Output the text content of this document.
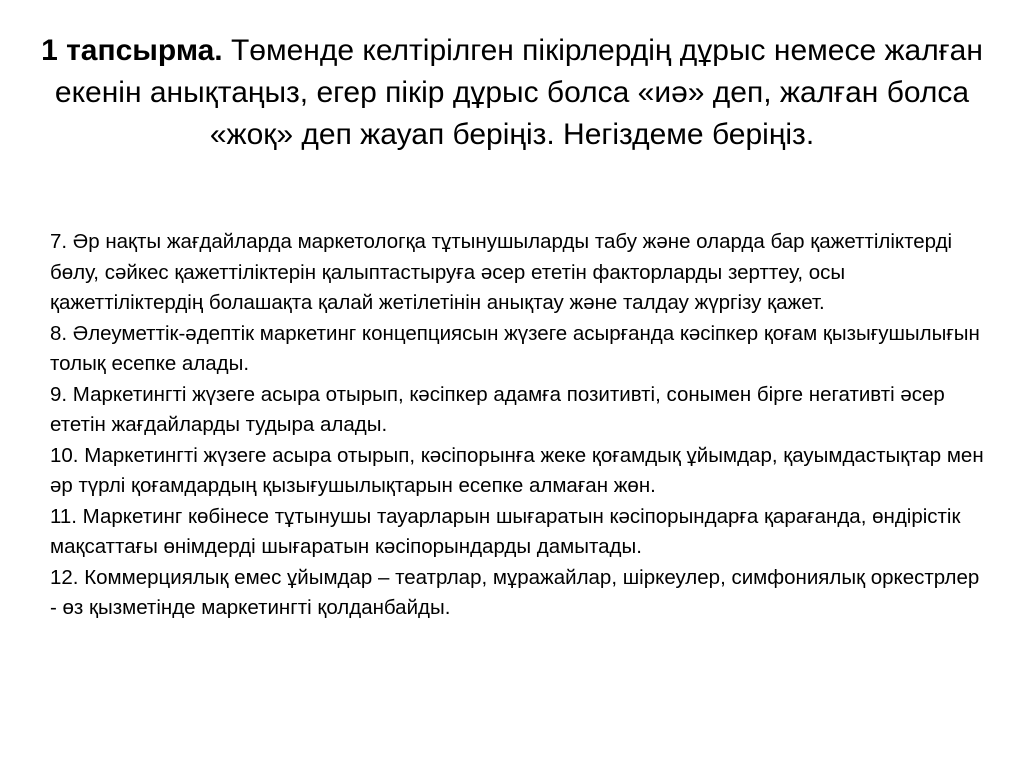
1 тапсырма. Төменде келтірілген пікірлердің дұрыс немесе жалған екенін анықтаңыз, егер пікір дұрыс болса «иә» деп, жалған болса «жоқ» деп жауап беріңіз. Негіздеме беріңіз.

7. Әр нақты жағдайларда маркетологқа тұтынушыларды табу және оларда бар қажеттіліктерді бөлу, сәйкес қажеттіліктерін қалыптастыруға әсер ететін факторларды зерттеу, осы қажеттіліктердің болашақта қалай жетілетінін анықтау және талдау жүргізу қажет.

8. Әлеуметтік-әдептік маркетинг концепциясын жүзеге асырғанда кәсіпкер қоғам қызығушылығын толық есепке алады.

9. Маркетингті жүзеге асыра отырып, кәсіпкер адамға позитивті, сонымен бірге негативті әсер ететін жағдайларды тудыра алады.

10. Маркетингті жүзеге асыра отырып, кәсіпорынға жеке қоғамдық ұйымдар, қауымдастықтар мен әр түрлі қоғамдардың қызығушылықтарын есепке алмаған жөн.

11. Маркетинг көбінесе тұтынушы тауарларын шығаратын кәсіпорындарға қарағанда, өндірістік мақсаттағы өнімдерді шығаратын кәсіпорындарды дамытады.

12. Коммерциялық емес ұйымдар – театрлар, мұражайлар, шіркеулер, симфониялық оркестрлер - өз қызметінде маркетингті қолданбайды.
